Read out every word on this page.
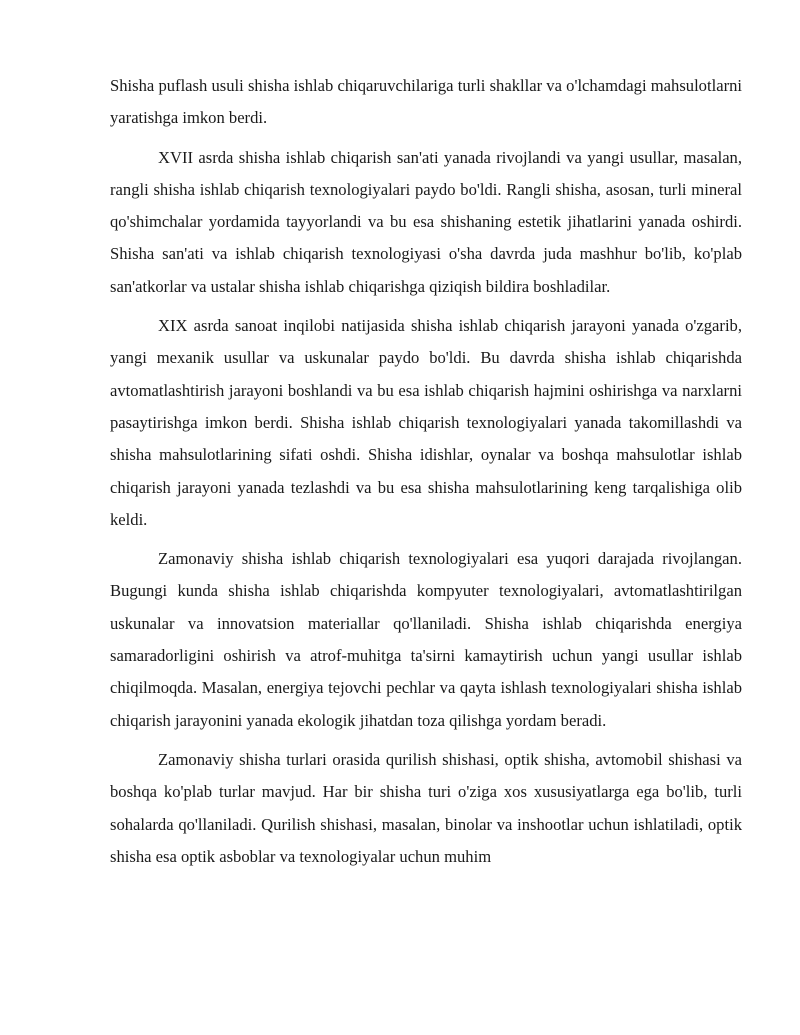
Shisha puflash usuli shisha ishlab chiqaruvchilariga turli shakllar va o'lchamdagi mahsulotlarni yaratishga imkon berdi.

XVII asrda shisha ishlab chiqarish san'ati yanada rivojlandi va yangi usullar, masalan, rangli shisha ishlab chiqarish texnologiyalari paydo bo'ldi. Rangli shisha, asosan, turli mineral qo'shimchalar yordamida tayyorlandi va bu esa shishaning estetik jihatlarini yanada oshirdi. Shisha san'ati va ishlab chiqarish texnologiyasi o'sha davrda juda mashhur bo'lib, ko'plab san'atkorlar va ustalar shisha ishlab chiqarishga qiziqish bildira boshladilar.

XIX asrda sanoat inqilobi natijasida shisha ishlab chiqarish jarayoni yanada o'zgarib, yangi mexanik usullar va uskunalar paydo bo'ldi. Bu davrda shisha ishlab chiqarishda avtomatlashtirish jarayoni boshlandi va bu esa ishlab chiqarish hajmini oshirishga va narxlarni pasaytirishga imkon berdi. Shisha ishlab chiqarish texnologiyalari yanada takomillashdi va shisha mahsulotlarining sifati oshdi. Shisha idishlar, oynalar va boshqa mahsulotlar ishlab chiqarish jarayoni yanada tezlashdi va bu esa shisha mahsulotlarining keng tarqalishiga olib keldi.

Zamonaviy shisha ishlab chiqarish texnologiyalari esa yuqori darajada rivojlangan. Bugungi kunda shisha ishlab chiqarishda kompyuter texnologiyalari, avtomatlashtirilgan uskunalar va innovatsion materiallar qo'llaniladi. Shisha ishlab chiqarishda energiya samaradorligini oshirish va atrof-muhitga ta'sirni kamaytirish uchun yangi usullar ishlab chiqilmoqda. Masalan, energiya tejovchi pechlar va qayta ishlash texnologiyalari shisha ishlab chiqarish jarayonini yanada ekologik jihatdan toza qilishga yordam beradi.

Zamonaviy shisha turlari orasida qurilish shishasi, optik shisha, avtomobil shishasi va boshqa ko'plab turlar mavjud. Har bir shisha turi o'ziga xos xususiyatlarga ega bo'lib, turli sohalarda qo'llaniladi. Qurilish shishasi, masalan, binolar va inshootlar uchun ishlatiladi, optik shisha esa optik asboblar va texnologiyalar uchun muhim
